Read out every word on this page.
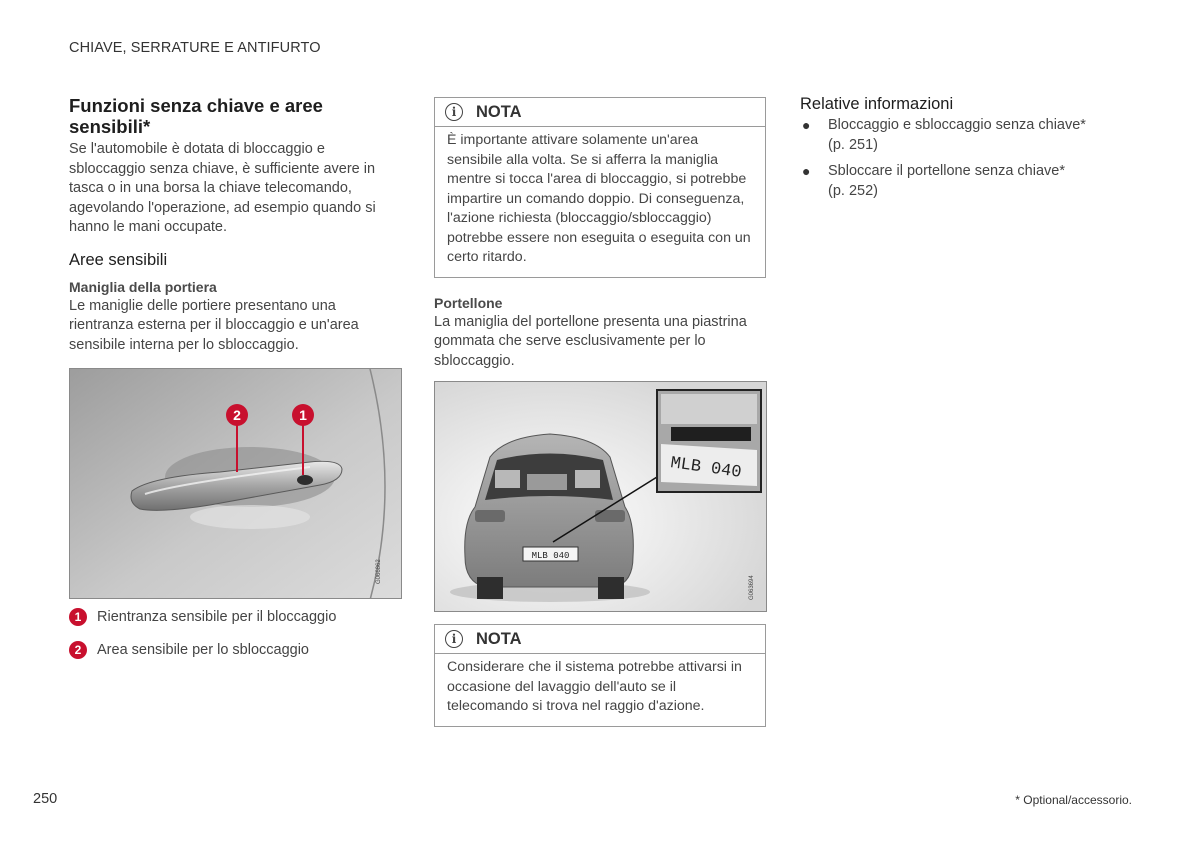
CHIAVE, SERRATURE E ANTIFURTO
Funzioni senza chiave e aree sensibili*

Se l'automobile è dotata di bloccaggio e sbloccaggio senza chiave, è sufficiente avere in tasca o in una borsa la chiave telecomando, agevolando l'operazione, ad esempio quando si hanno le mani occupate.

Aree sensibili
Maniglia della portiera

Le maniglie delle portiere presentano una rientranza esterna per il bloccaggio e un'area sensibile interna per lo sbloccaggio.

G066862
2	1
1	Rientranza sensibile per il bloccaggio
2	Area sensibile per lo sbloccaggio
i	NOTA

È importante attivare solamente un'area sensibile alla volta. Se si afferra la maniglia mentre si tocca l'area di bloccaggio, si potrebbe impartire un comando doppio. Di conseguenza, l'azione richiesta (bloccaggio/sbloccaggio) potrebbe essere non eseguita o eseguita con un certo ritardo.

Portellone

La maniglia del portellone presenta una piastrina gommata che serve esclusivamente per lo sbloccaggio.

MLB 040
MLB 040
G063694
i	NOTA

Considerare che il sistema potrebbe attivarsi in occasione del lavaggio dell'auto se il telecomando si trova nel raggio d'azione.

Relative informazioni
● Bloccaggio e sbloccaggio senza chiave*
(p. 251)
● Sbloccare il portellone senza chiave*
(p. 252)
250	* Optional/accessorio.
